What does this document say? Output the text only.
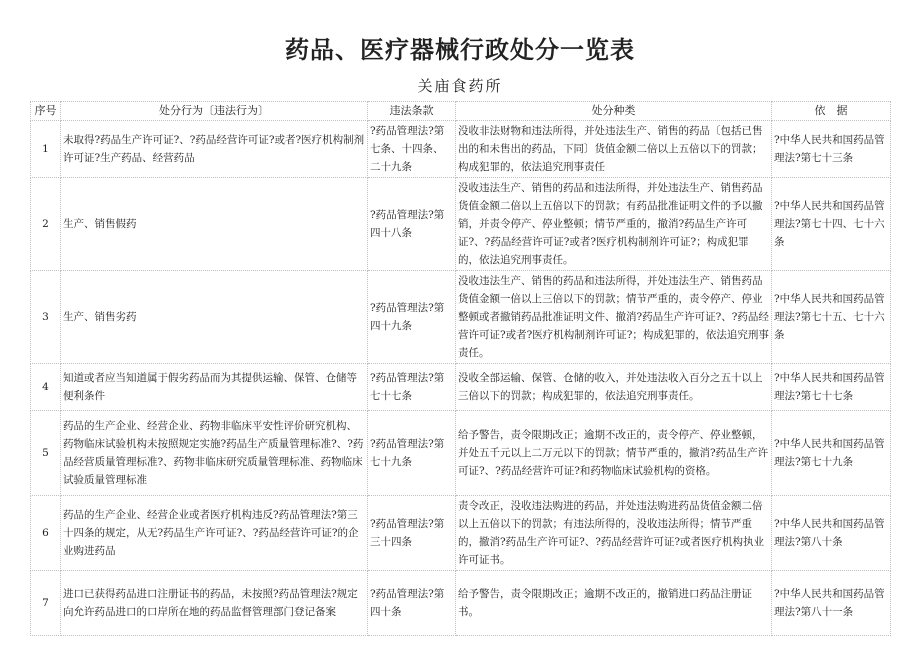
药品、医疗器械行政处分一览表
关庙食药所
序号	处分行为〔违法行为〕	违法条款	处分种类	依　据
1	未取得?药品生产许可证?、?药品经营许可证?或者?医疗机构制剂许可证?生产药品、经营药品	?药品管理法?第七条、十四条、二十九条	没收非法财物和违法所得，并处违法生产、销售的药品〔包括已售出的和未售出的药品，下同〕货值金额二倍以上五倍以下的罚款；构成犯罪的，依法追究刑事责任	?中华人民共和国药品管理法?第七十三条
2	生产、销售假药	?药品管理法?第四十八条	没收违法生产、销售的药品和违法所得，并处违法生产、销售药品货值金额二倍以上五倍以下的罚款；有药品批准证明文件的予以撤销，并责令停产、停业整顿；情节严重的，撤消?药品生产许可证?、?药品经营许可证?或者?医疗机构制剂许可证?；构成犯罪的，依法追究刑事责任。	?中华人民共和国药品管理法?第七十四、七十六条
3	生产、销售劣药	?药品管理法?第四十九条	没收违法生产、销售的药品和违法所得，并处违法生产、销售药品货值金额一倍以上三倍以下的罚款；情节严重的，责令停产、停业整顿或者撤销药品批准证明文件、撤消?药品生产许可证?、?药品经营许可证?或者?医疗机构制剂许可证?；构成犯罪的，依法追究刑事责任。	?中华人民共和国药品管理法?第七十五、七十六条
4	知道或者应当知道属于假劣药品而为其提供运输、保管、仓储等便利条件	?药品管理法?第七十七条	没收全部运输、保管、仓储的收入，并处违法收入百分之五十以上三倍以下的罚款；构成犯罪的，依法追究刑事责任。	?中华人民共和国药品管理法?第七十七条
5	药品的生产企业、经营企业、药物非临床平安性评价研究机构、药物临床试验机构未按照规定实施?药品生产质量管理标准?、?药品经营质量管理标准?、药物非临床研究质量管理标准、药物临床试验质量管理标准	?药品管理法?第七十九条	给予警告，责令限期改正；逾期不改正的，责令停产、停业整顿，并处五千元以上二万元以下的罚款；情节严重的，撤消?药品生产许可证?、?药品经营许可证?和药物临床试验机构的资格。	?中华人民共和国药品管理法?第七十九条
6	药品的生产企业、经营企业或者医疗机构违反?药品管理法?第三十四条的规定，从无?药品生产许可证?、?药品经营许可证?的企业购进药品	?药品管理法?第三十四条	责令改正，没收违法购进的药品，并处违法购进药品货值金额二倍以上五倍以下的罚款；有违法所得的，没收违法所得；情节严重的，撤消?药品生产许可证?、?药品经营许可证?或者医疗机构执业许可证书。	?中华人民共和国药品管理法?第八十条
7	进口已获得药品进口注册证书的药品，未按照?药品管理法?规定向允许药品进口的口岸所在地的药品监督管理部门登记备案	?药品管理法?第四十条	给予警告，责令限期改正；逾期不改正的，撤销进口药品注册证书。	?中华人民共和国药品管理法?第八十一条
